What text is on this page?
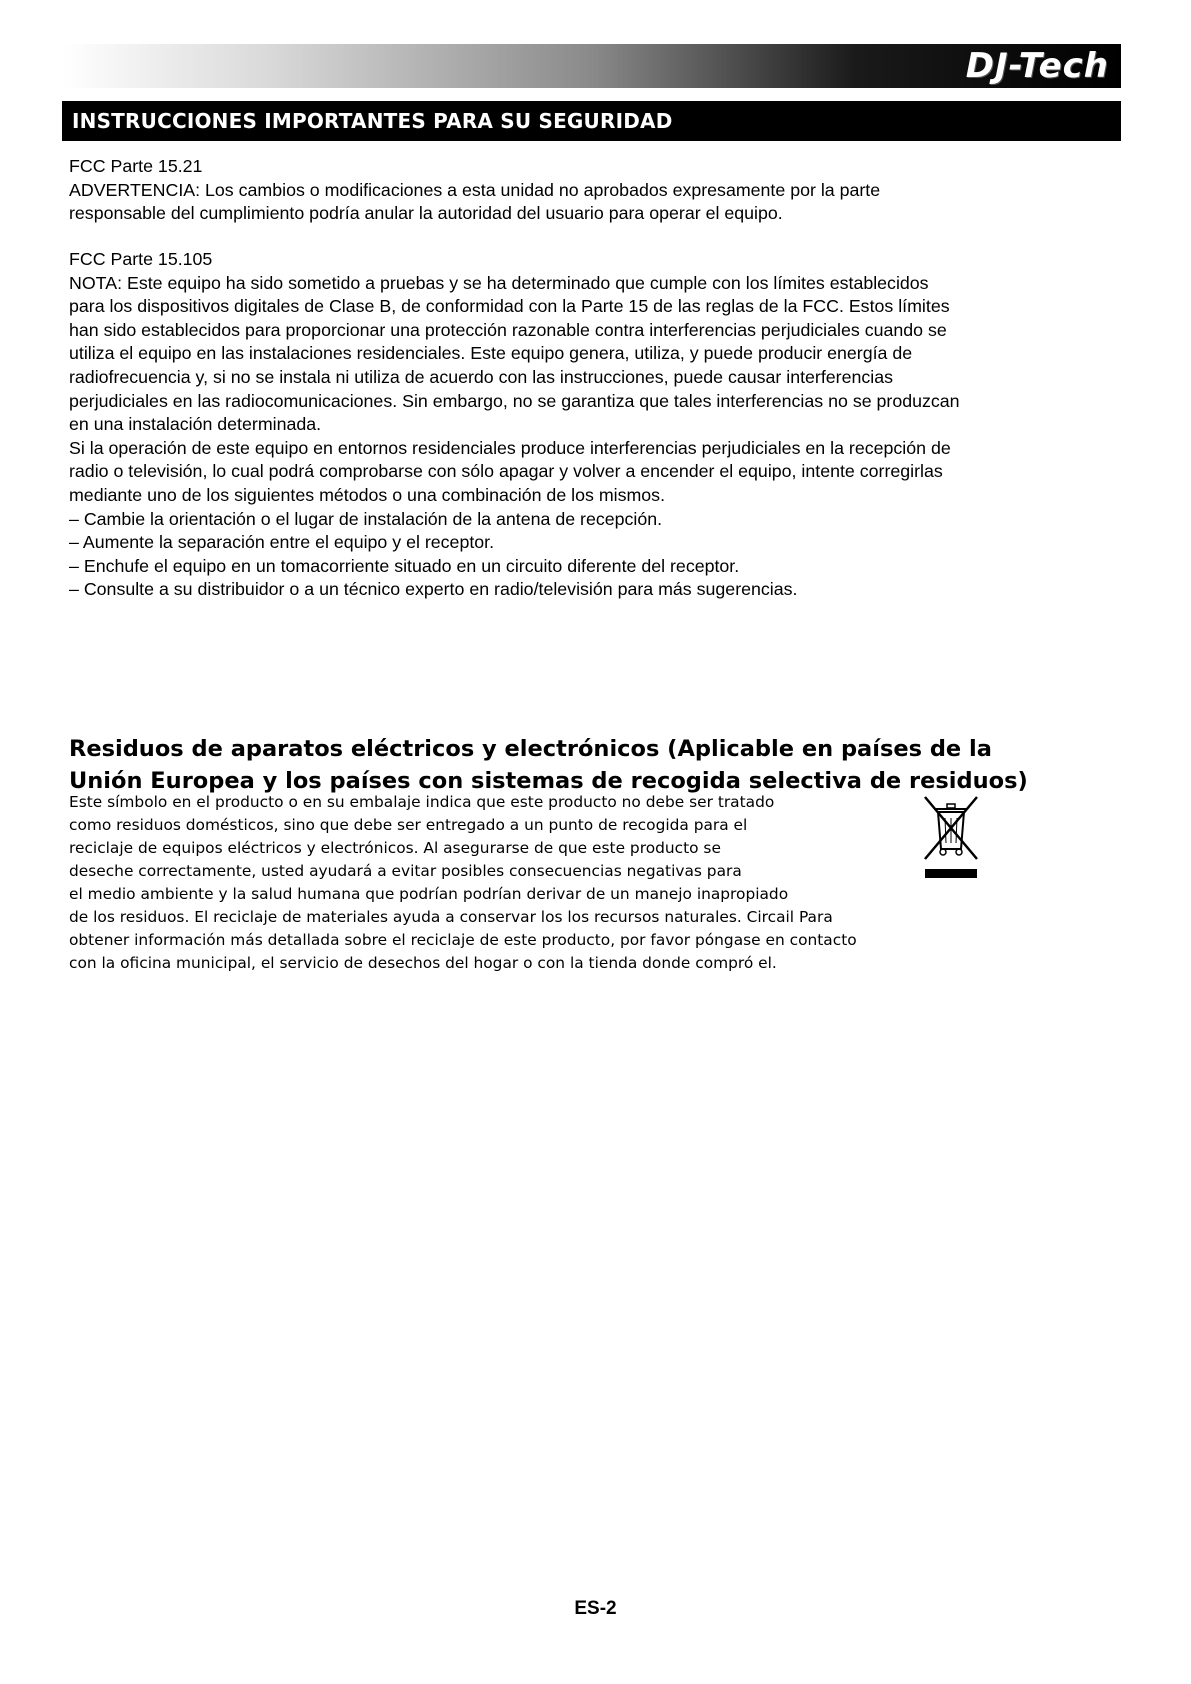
DJ-Tech
INSTRUCCIONES IMPORTANTES PARA SU SEGURIDAD

FCC Parte 15.21

ADVERTENCIA: Los cambios o modificaciones a esta unidad no aprobados expresamente por la parte

responsable del cumplimiento podría anular la autoridad del usuario para operar el equipo.

FCC Parte 15.105

NOTA: Este equipo ha sido sometido a pruebas y se ha determinado que cumple con los límites establecidos

para los dispositivos digitales de Clase B, de conformidad con la Parte 15 de las reglas de la FCC. Estos límites

han sido establecidos para proporcionar una protección razonable contra interferencias perjudiciales cuando se

utiliza el equipo en las instalaciones residenciales. Este equipo genera, utiliza, y puede producir energía de

radiofrecuencia y, si no se instala ni utiliza de acuerdo con las instrucciones, puede causar interferencias

perjudiciales en las radiocomunicaciones. Sin embargo, no se garantiza que tales interferencias no se produzcan

en una instalación determinada.

Si la operación de este equipo en entornos residenciales produce interferencias perjudiciales en la recepción de

radio o televisión, lo cual podrá comprobarse con sólo apagar y volver a encender el equipo, intente corregirlas

mediante uno de los siguientes métodos o una combinación de los mismos.

– Cambie la orientación o el lugar de instalación de la antena de recepción.

– Aumente la separación entre el equipo y el receptor.

– Enchufe el equipo en un tomacorriente situado en un circuito diferente del receptor.

– Consulte a su distribuidor o a un técnico experto en radio/televisión para más sugerencias.

Residuos de aparatos eléctricos y electrónicos (Aplicable en países de la

Unión Europea y los países con sistemas de recogida selectiva de residuos)

Este símbolo en el producto o en su embalaje indica que este producto no debe ser tratado
como residuos domésticos, sino que debe ser entregado a un punto de recogida para el
reciclaje de equipos eléctricos y electrónicos. Al asegurarse de que este producto se
deseche correctamente, usted ayudará a evitar posibles consecuencias negativas para
el medio ambiente y la salud humana que podrían podrían derivar de un manejo inapropiado
de los residuos. El reciclaje de materiales ayuda a conservar los los recursos naturales. Circail Para
obtener información más detallada sobre el reciclaje de este producto, por favor póngase en contacto
con la oficina municipal, el servicio de desechos del hogar o con la tienda donde compró el.
ES-2
